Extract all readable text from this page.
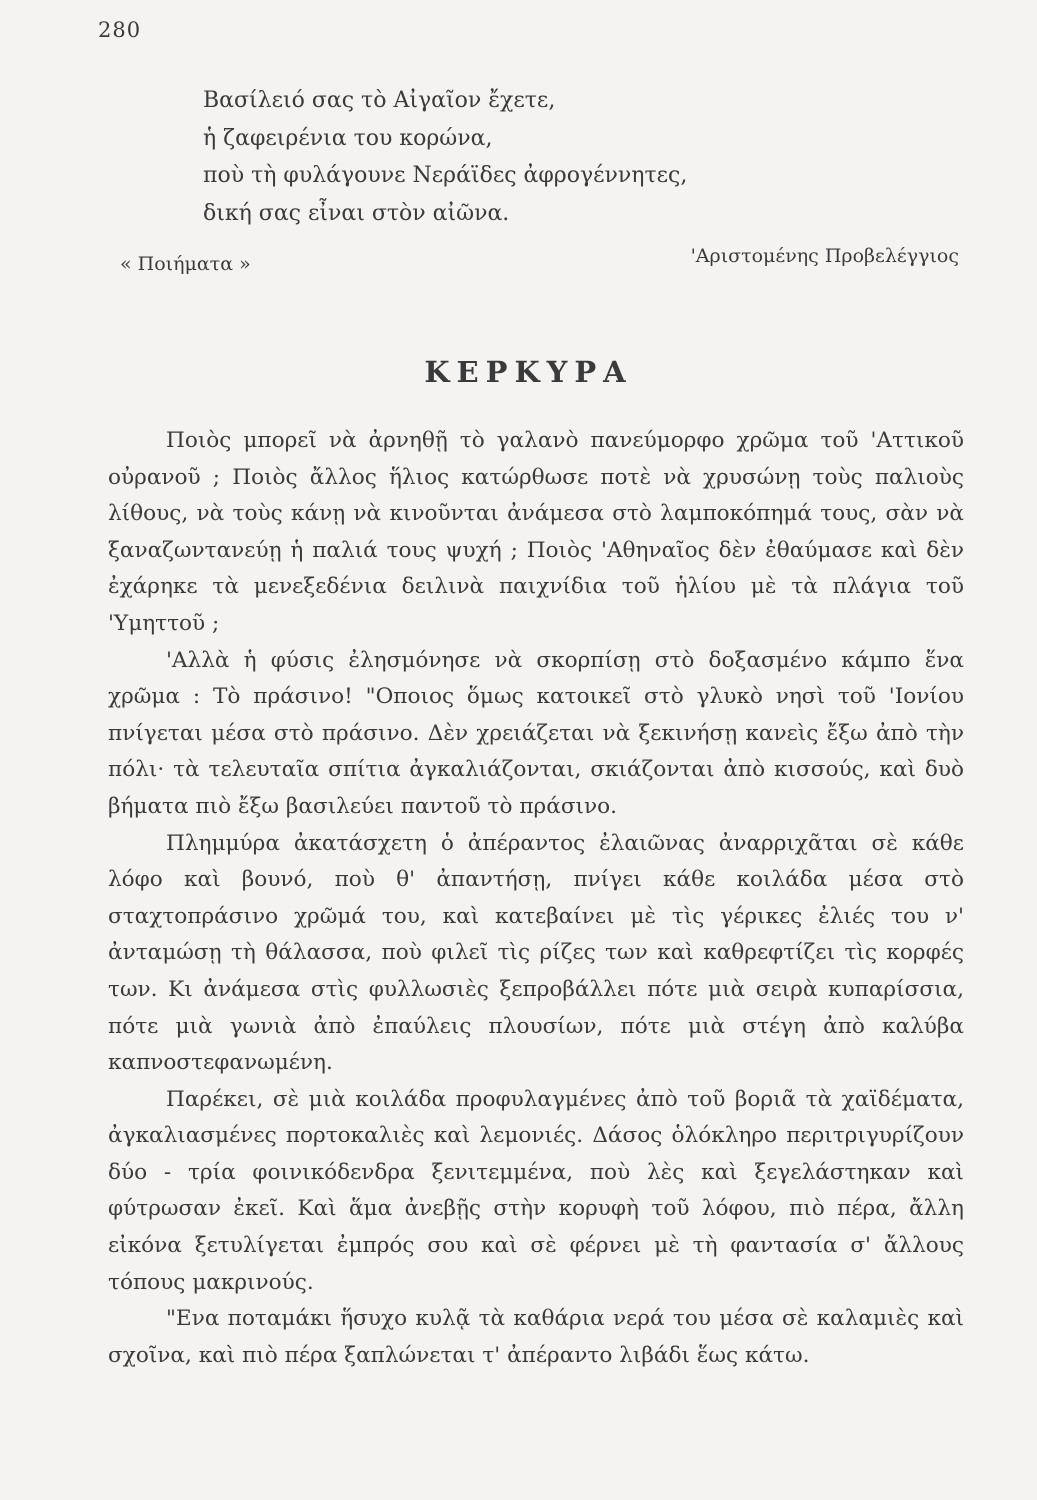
280
Βασίλειό σας τὸ Αἰγαῖον ἔχετε,
ἡ ζαφειρένια του κορώνα,
ποὺ τὴ φυλάγουνε Νεράϊδες ἀφρογέννητες,
δική σας εἶναι στὸν αἰῶνα.
« Ποιήματα »	'Αριστομένης Προβελέγγιος
ΚΕΡΚΥΡΑ

Ποιὸς μπορεῖ νὰ ἀρνηθῇ τὸ γαλανὸ πανεύμορφο χρῶμα τοῦ 'Αττικοῦ οὐρανοῦ ; Ποιὸς ἄλλος ἥλιος κατώρθωσε ποτὲ νὰ χρυσώνῃ τοὺς παλιοὺς λίθους, νὰ τοὺς κάνῃ νὰ κινοῦνται ἀνάμεσα στὸ λαμποκόπημά τους, σὰν νὰ ξαναζωντανεύῃ ἡ παλιά τους ψυχή ; Ποιὸς 'Αθηναῖος δὲν ἐθαύμασε καὶ δὲν ἐχάρηκε τὰ μενεξεδένια δειλινὰ παιχνίδια τοῦ ἡλίου μὲ τὰ πλάγια τοῦ 'Υμηττοῦ ;

'Αλλὰ ἡ φύσις ἐλησμόνησε νὰ σκορπίσῃ στὸ δοξασμένο κάμπο ἕνα χρῶμα : Τὸ πράσινο! "Οποιος ὅμως κατοικεῖ στὸ γλυκὸ νησὶ τοῦ 'Ιονίου πνίγεται μέσα στὸ πράσινο. Δὲν χρειάζεται νὰ ξεκινήσῃ κανεὶς ἔξω ἀπὸ τὴν πόλι· τὰ τελευταῖα σπίτια ἀγκαλιάζονται, σκιάζονται ἀπὸ κισσούς, καὶ δυὸ βήματα πιὸ ἔξω βασιλεύει παντοῦ τὸ πράσινο.

Πλημμύρα ἀκατάσχετη ὁ ἀπέραντος ἐλαιῶνας ἀναρριχᾶται σὲ κάθε λόφο καὶ βουνό, ποὺ θ' ἀπαντήσῃ, πνίγει κάθε κοιλάδα μέσα στὸ σταχτοπράσινο χρῶμά του, καὶ κατεβαίνει μὲ τὶς γέρικες ἐλιές του ν' ἀνταμώσῃ τὴ θάλασσα, ποὺ φιλεῖ τὶς ρίζες των καὶ καθρεφτίζει τὶς κορφές των. Κι ἀνάμεσα στὶς φυλλωσιὲς ξεπροβάλλει πότε μιὰ σειρὰ κυπαρίσσια, πότε μιὰ γωνιὰ ἀπὸ ἐπαύλεις πλουσίων, πότε μιὰ στέγη ἀπὸ καλύβα καπνοστεφανωμένη.

Παρέκει, σὲ μιὰ κοιλάδα προφυλαγμένες ἀπὸ τοῦ βοριᾶ τὰ χαϊδέματα, ἀγκαλιασμένες πορτοκαλιὲς καὶ λεμονιές. Δάσος ὁλόκληρο περιτριγυρίζουν δύο - τρία φοινικόδενδρα ξενιτεμμένα, ποὺ λὲς καὶ ξεγελάστηκαν καὶ φύτρωσαν ἐκεῖ. Καὶ ἅμα ἀνεβῇς στὴν κορυφὴ τοῦ λόφου, πιὸ πέρα, ἄλλη εἰκόνα ξετυλίγεται ἐμπρός σου καὶ σὲ φέρνει μὲ τὴ φαντασία σ' ἄλλους τόπους μακρινούς.

"Ενα ποταμάκι ἥσυχο κυλᾷ τὰ καθάρια νερά του μέσα σὲ καλαμιὲς καὶ σχοῖνα, καὶ πιὸ πέρα ξαπλώνεται τ' ἀπέραντο λιβάδι ἕως κάτω.
